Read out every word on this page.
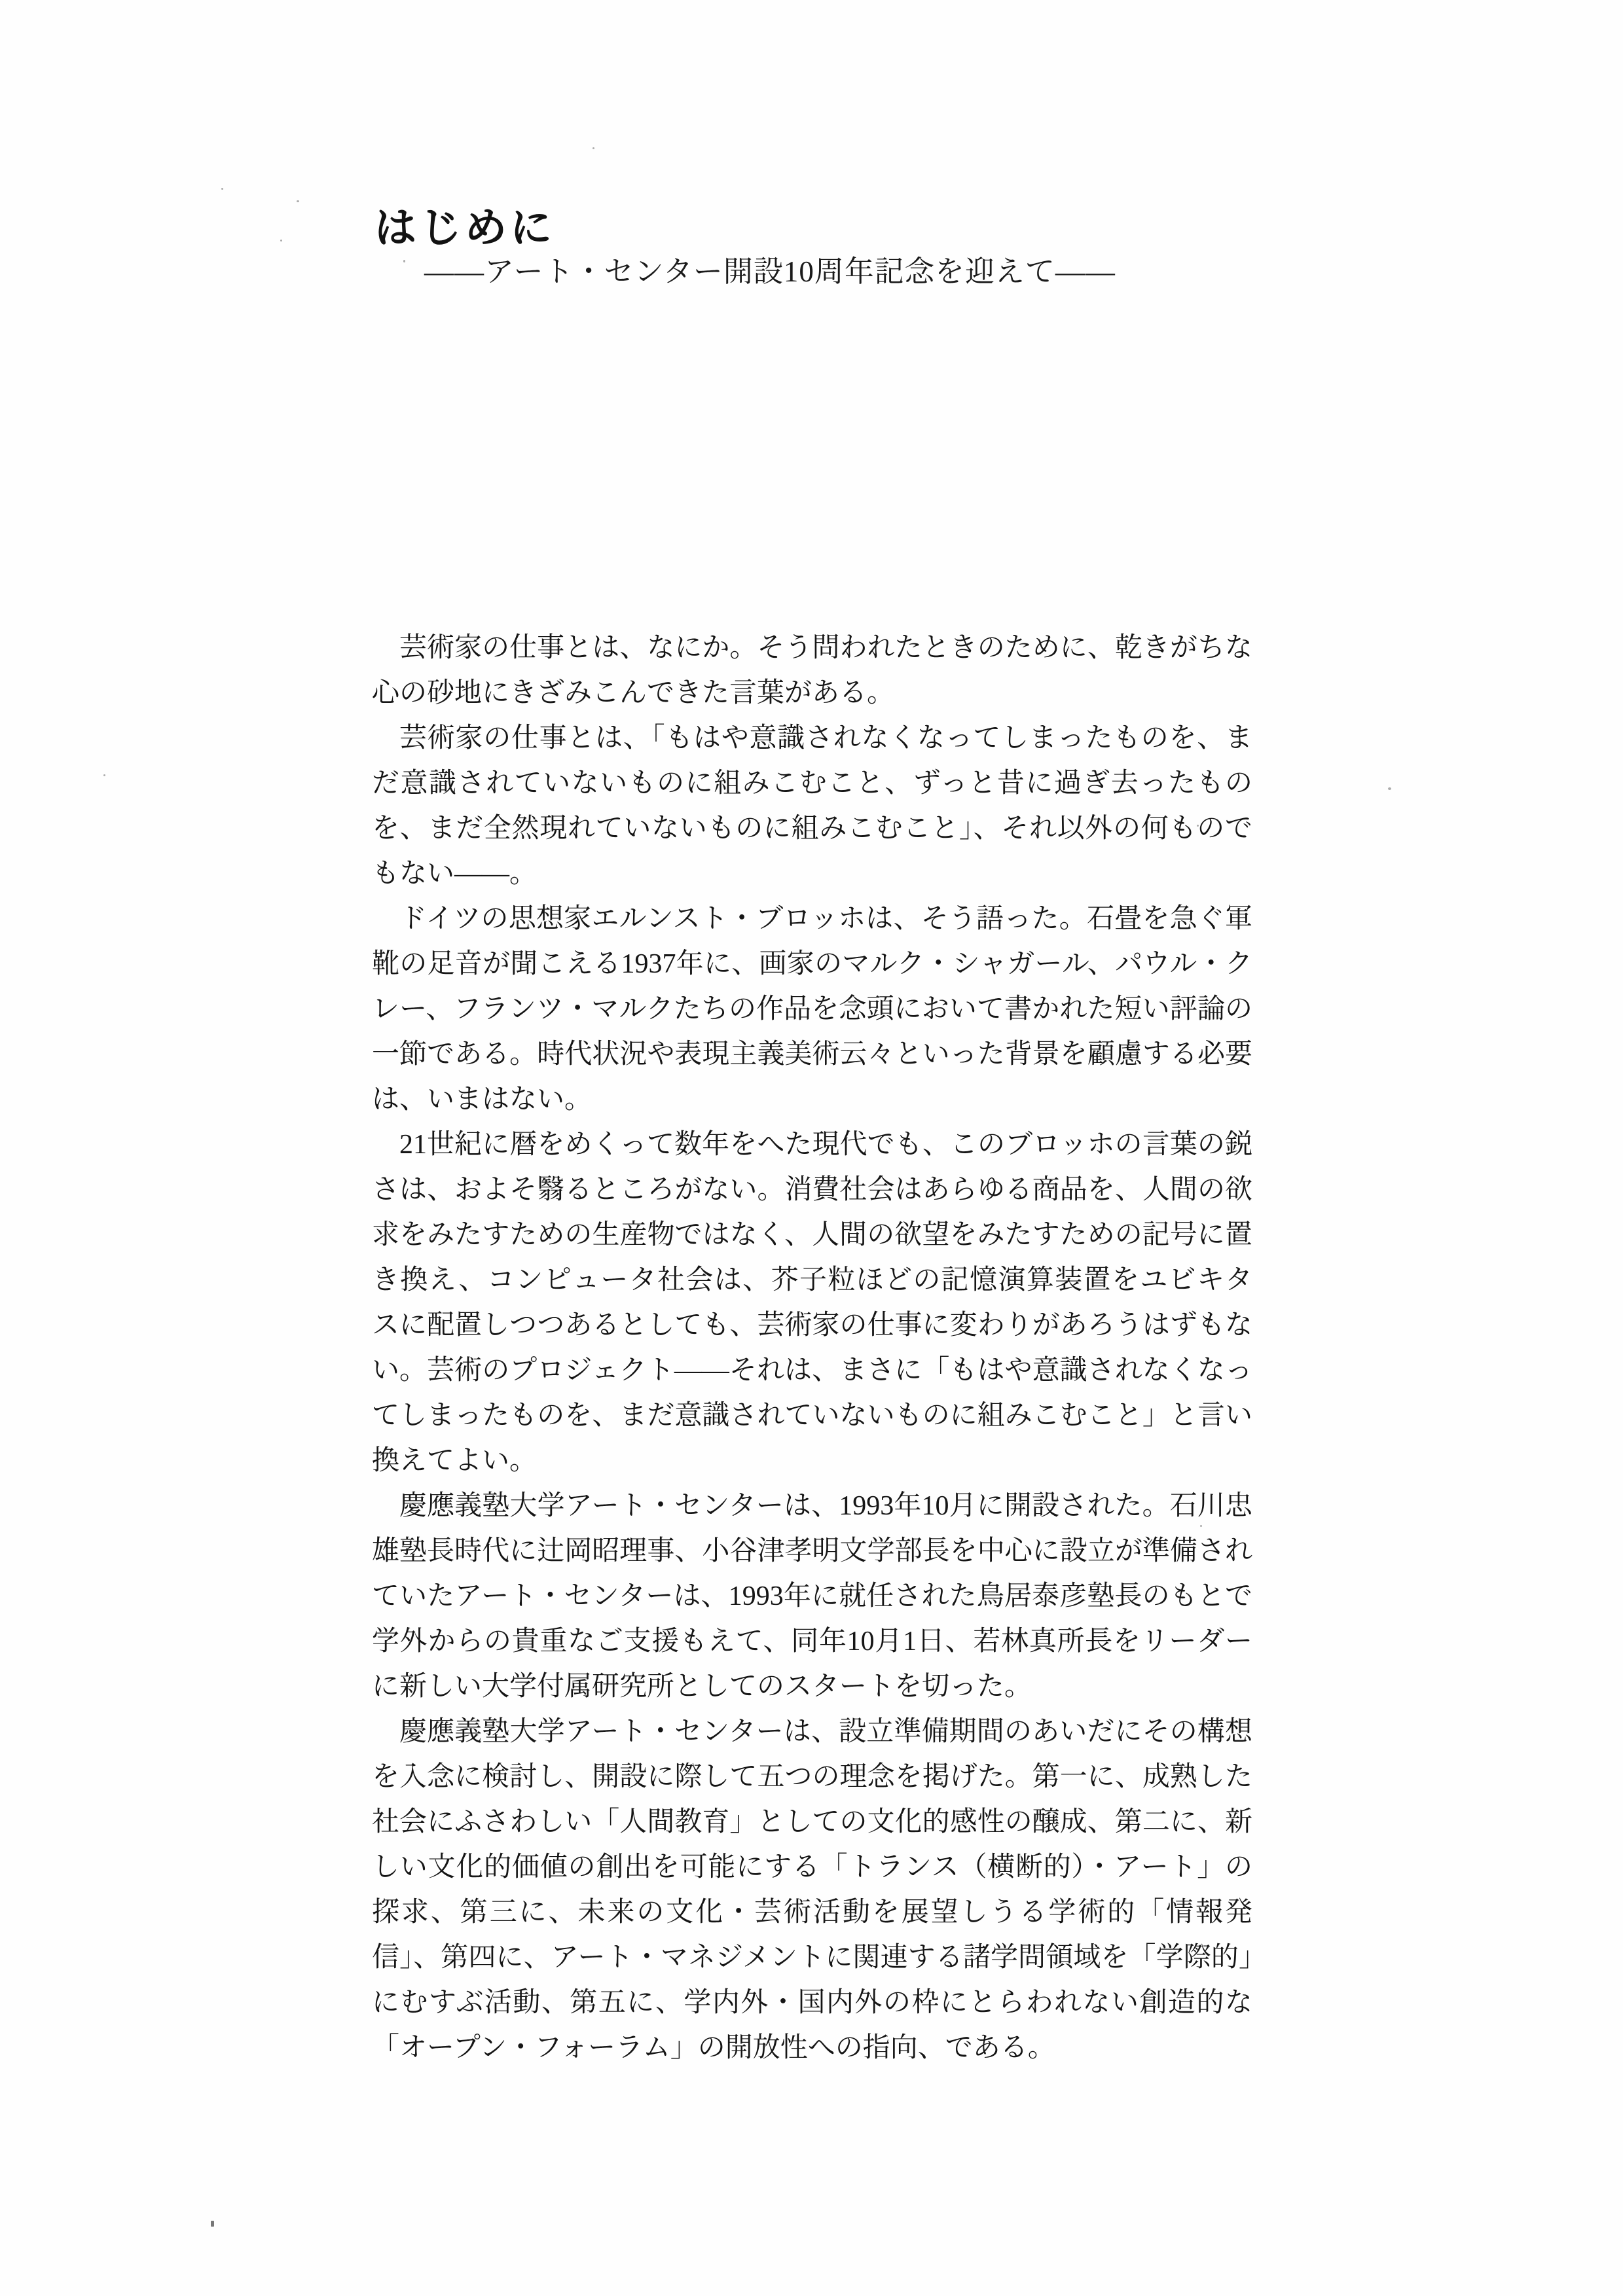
はじめに
——アート・センター開設10周年記念を迎えて——

芸術家の仕事とは、なにか。そう問われたときのために、乾きがちな心の砂地にきざみこんできた言葉がある。

芸術家の仕事とは、「もはや意識されなくなってしまったものを、まだ意識されていないものに組みこむこと、ずっと昔に過ぎ去ったものを、まだ全然現れていないものに組みこむこと」、それ以外の何ものでもない——。

ドイツの思想家エルンスト・ブロッホは、そう語った。石畳を急ぐ軍靴の足音が聞こえる1937年に、画家のマルク・シャガール、パウル・クレー、フランツ・マルクたちの作品を念頭において書かれた短い評論の一節である。時代状況や表現主義美術云々といった背景を顧慮する必要は、いまはない。

21世紀に暦をめくって数年をへた現代でも、このブロッホの言葉の鋭さは、およそ翳るところがない。消費社会はあらゆる商品を、人間の欲求をみたすための生産物ではなく、人間の欲望をみたすための記号に置き換え、コンピュータ社会は、芥子粒ほどの記憶演算装置をユビキタスに配置しつつあるとしても、芸術家の仕事に変わりがあろうはずもない。芸術のプロジェクト——それは、まさに「もはや意識されなくなってしまったものを、まだ意識されていないものに組みこむこと」と言い換えてよい。

慶應義塾大学アート・センターは、1993年10月に開設された。石川忠雄塾長時代に辻岡昭理事、小谷津孝明文学部長を中心に設立が準備されていたアート・センターは、1993年に就任された鳥居泰彦塾長のもとで学外からの貴重なご支援もえて、同年10月1日、若林真所長をリーダーに新しい大学付属研究所としてのスタートを切った。

慶應義塾大学アート・センターは、設立準備期間のあいだにその構想を入念に検討し、開設に際して五つの理念を掲げた。第一に、成熟した社会にふさわしい「人間教育」としての文化的感性の醸成、第二に、新しい文化的価値の創出を可能にする「トランス（横断的）・アート」の探求、第三に、未来の文化・芸術活動を展望しうる学術的「情報発信」、第四に、アート・マネジメントに関連する諸学問領域を「学際的」にむすぶ活動、第五に、学内外・国内外の枠にとらわれない創造的な「オープン・フォーラム」の開放性への指向、である。
